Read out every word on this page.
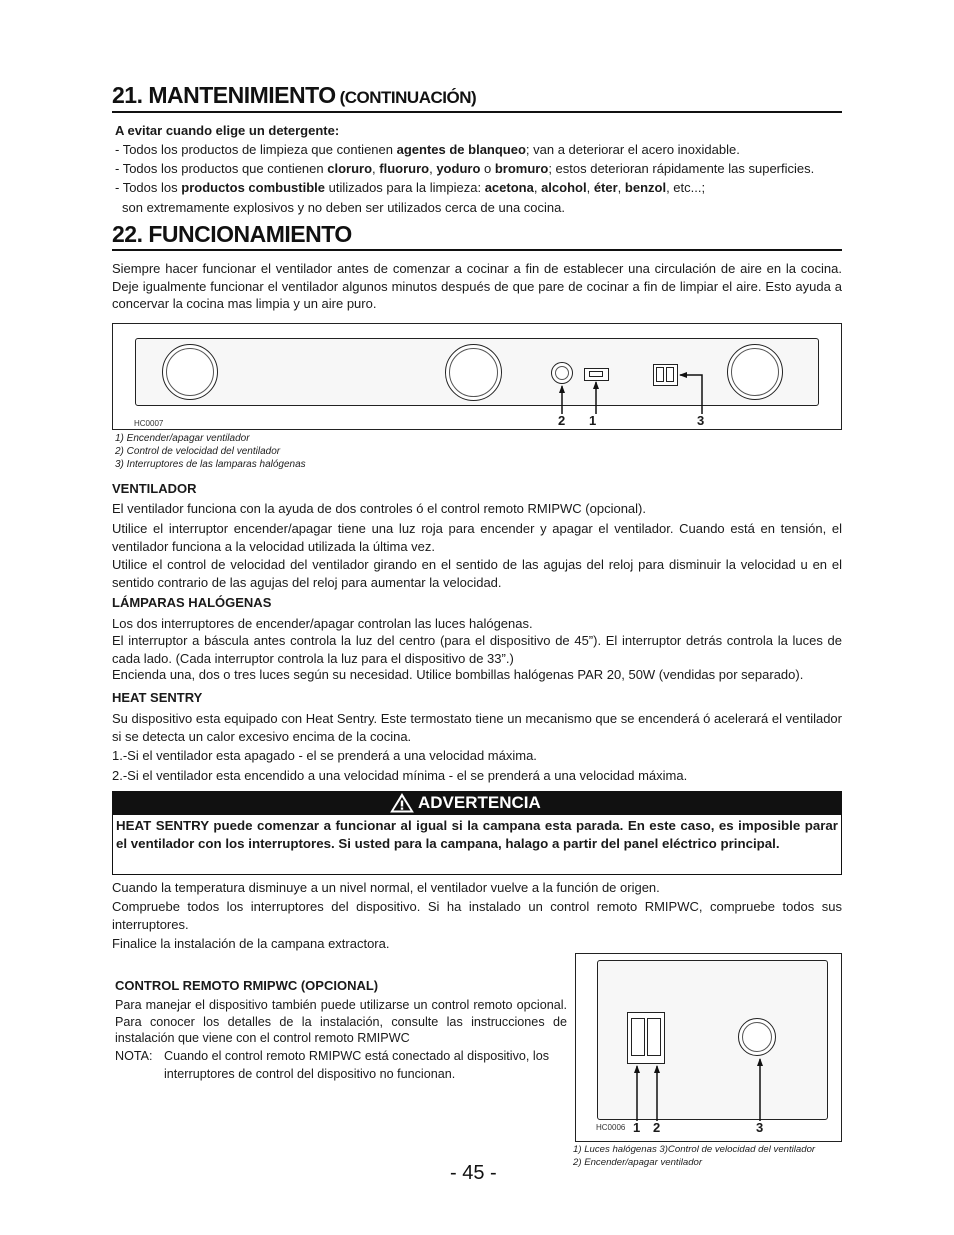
21. MANTENIMIENTO (CONTINUACIÓN)
A evitar cuando elige un detergente:
- Todos los productos de limpieza que contienen agentes de blanqueo; van a deteriorar el acero inoxidable.
- Todos los productos que contienen cloruro, fluoruro, yoduro o bromuro; estos deterioran rápidamente las superficies.
- Todos los productos combustible utilizados para la limpieza: acetona, alcohol, éter, benzol, etc...;
son extremamente explosivos y no deben ser utilizados cerca de una cocina.
22. FUNCIONAMIENTO
Siempre hacer funcionar el ventilador antes de comenzar a cocinar a fin de establecer una circulación de aire en la cocina. Deje igualmente funcionar el ventilador algunos minutos después de que pare de cocinar a fin de limpiar el aire. Esto ayuda a concervar la cocina mas limpia y un aire puro.
2 1	3
HC0007
1) Encender/apagar ventilador
2) Control de velocidad del ventilador
3) Interruptores de las lamparas halógenas
VENTILADOR
El ventilador funciona con la ayuda de dos controles ó el control remoto RMIPWC (opcional).
Utilice el interruptor encender/apagar tiene una luz roja para encender y apagar el ventilador. Cuando está en tensión, el ventilador funciona a la velocidad utilizada la última vez.
Utilice el control de velocidad del ventilador girando en el sentido de las agujas del reloj para disminuir la velocidad u en el sentido contrario de las agujas del reloj para aumentar la velocidad.
LÁMPARAS HALÓGENAS
Los dos interruptores de encender/apagar controlan las luces halógenas.
El interruptor a báscula antes controla la luz del centro (para el dispositivo de 45”). El interruptor detrás controla la luces de cada lado. (Cada interruptor controla la luz para el dispositivo de 33”.)
Encienda una, dos o tres luces según su necesidad. Utilice bombillas halógenas PAR 20, 50W (vendidas por separado).
HEAT SENTRY
Su dispositivo esta equipado con Heat Sentry. Este termostato tiene un mecanismo que se encenderá ó acelerará el ventilador si se detecta un calor excesivo encima de la cocina.
1.-Si el ventilador esta apagado - el se prenderá a una velocidad máxima.
2.-Si el ventilador esta encendido a una velocidad mínima - el se prenderá a una velocidad máxima.
ADVERTENCIA
HEAT SENTRY puede comenzar a funcionar al igual si la campana esta parada. En este caso, es imposible parar el ventilador con los interruptores. Si usted para la campana, halago a partir del panel eléctrico principal.
Cuando la temperatura disminuye a un nivel normal, el ventilador vuelve a la función de origen.
Compruebe todos los interruptores del dispositivo. Si ha instalado un control remoto RMIPWC, compruebe todos sus interruptores.
Finalice la instalación de la campana extractora.
CONTROL REMOTO RMIPWC (OPCIONAL)
Para manejar el dispositivo también puede utilizarse un control remoto opcional. Para conocer los detalles de la instalación, consulte las instrucciones de instalación que viene con el control remoto RMIPWC
NOTA: Cuando el control remoto RMIPWC está conectado al dispositivo, los interruptores de control del dispositivo no funcionan.
1 2	3
HC0006
1) Luces halógenas 3)Control de velocidad del ventilador
2) Encender/apagar ventilador
- 45 -
